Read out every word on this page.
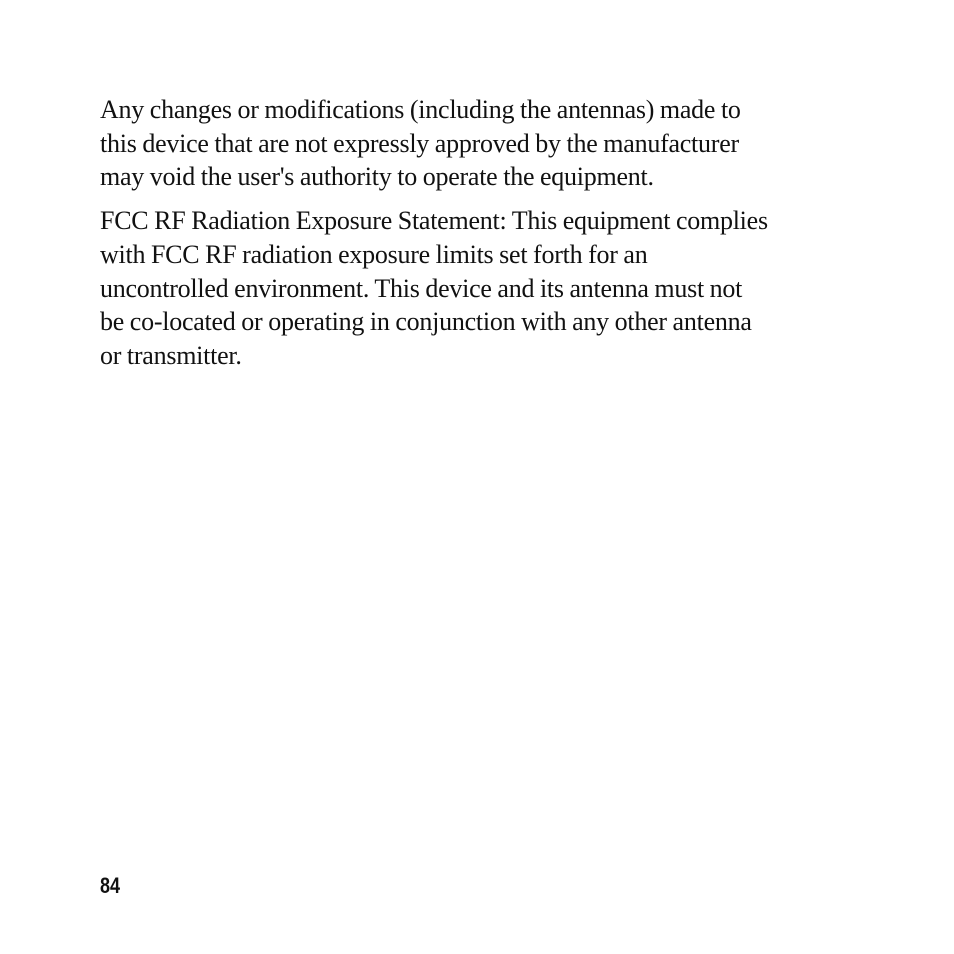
Any changes or modifications (including the antennas) made to
this device that are not expressly approved by the manufacturer
may void the user's authority to operate the equipment.

FCC RF Radiation Exposure Statement: This equipment complies
with FCC RF radiation exposure limits set forth for an
uncontrolled environment. This device and its antenna must not
be co-located or operating in conjunction with any other antenna
or transmitter.

84
